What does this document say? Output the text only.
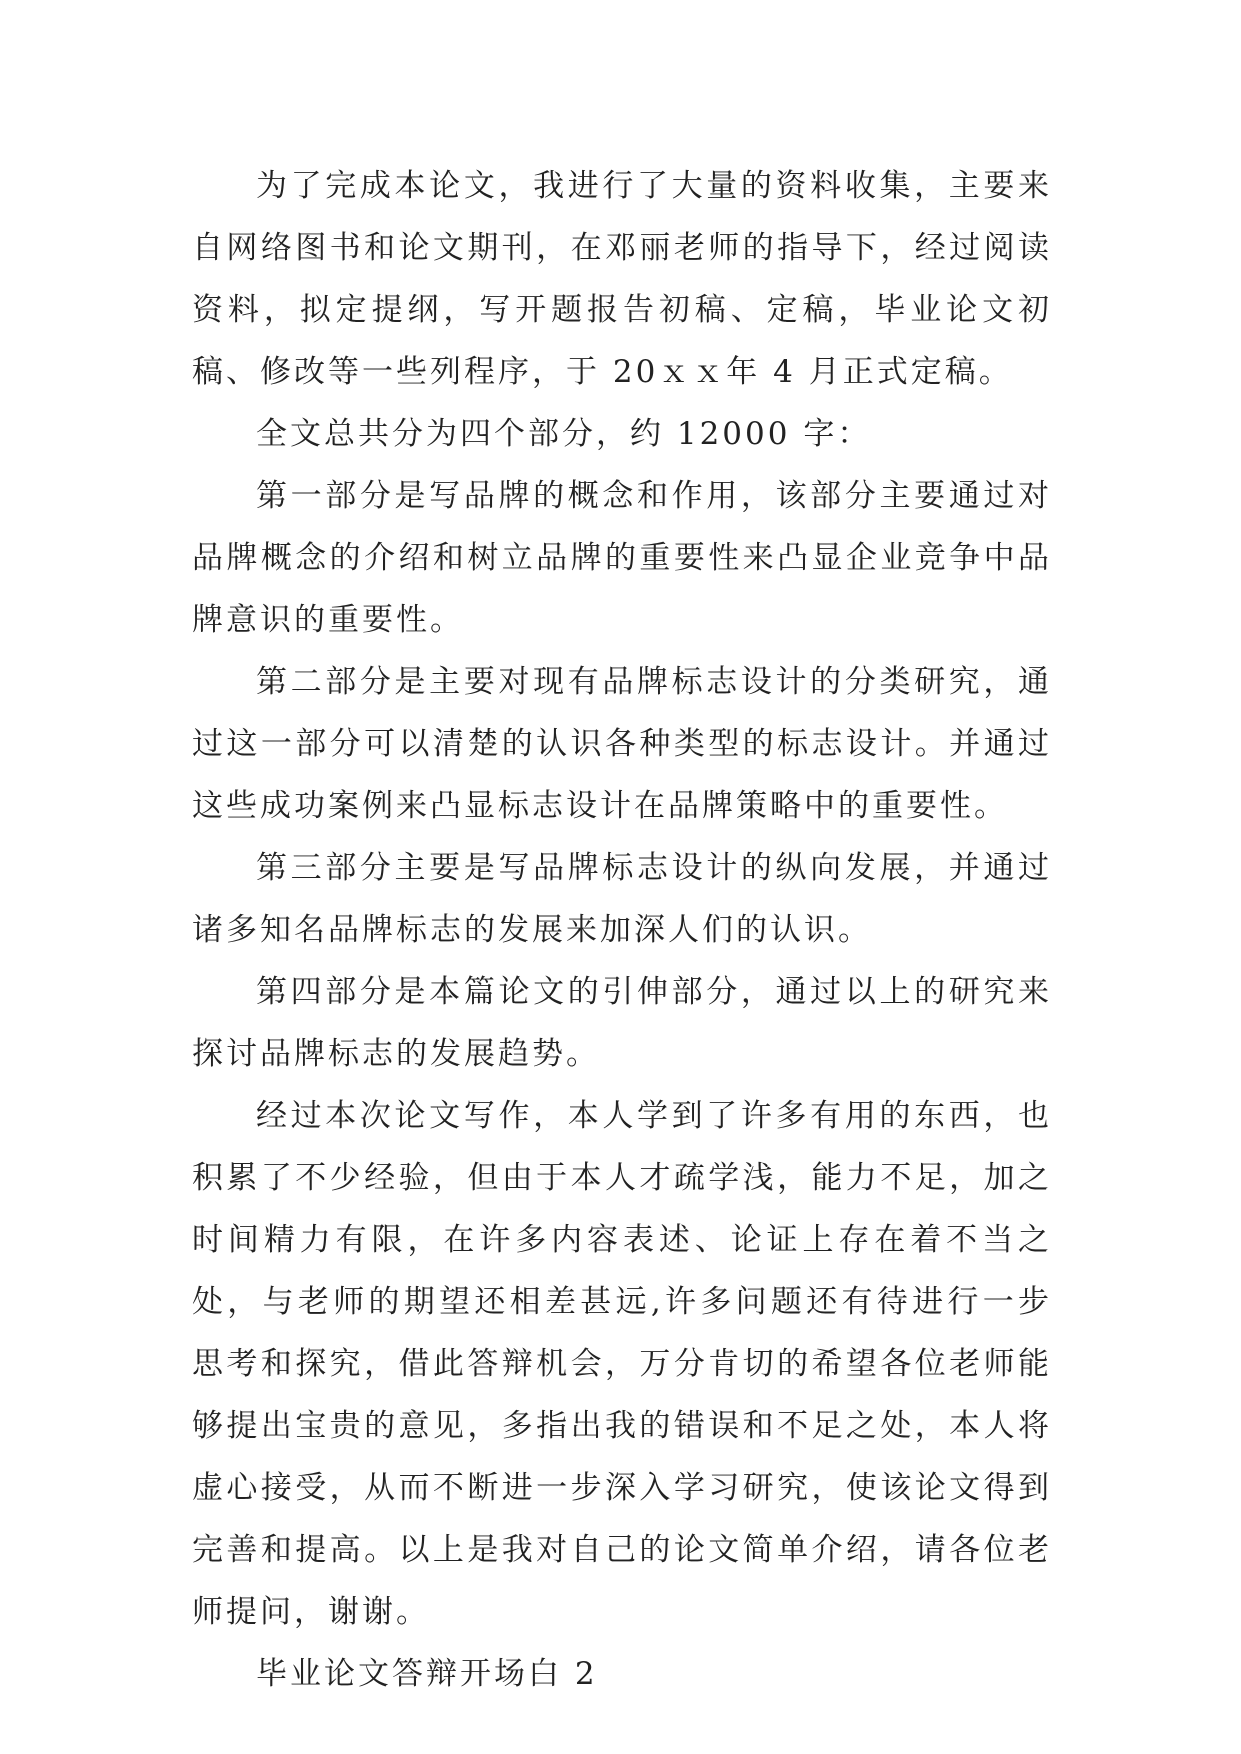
为了完成本论文，我进行了大量的资料收集，主要来自网络图书和论文期刊，在邓丽老师的指导下，经过阅读资料，拟定提纲，写开题报告初稿、定稿，毕业论文初稿、修改等一些列程序，于 20ｘｘ年 4 月正式定稿。

全文总共分为四个部分，约 12000 字：

第一部分是写品牌的概念和作用，该部分主要通过对品牌概念的介绍和树立品牌的重要性来凸显企业竞争中品牌意识的重要性。

第二部分是主要对现有品牌标志设计的分类研究，通过这一部分可以清楚的认识各种类型的标志设计。并通过这些成功案例来凸显标志设计在品牌策略中的重要性。

第三部分主要是写品牌标志设计的纵向发展，并通过诸多知名品牌标志的发展来加深人们的认识。

第四部分是本篇论文的引伸部分，通过以上的研究来探讨品牌标志的发展趋势。

经过本次论文写作，本人学到了许多有用的东西，也积累了不少经验，但由于本人才疏学浅，能力不足，加之时间精力有限，在许多内容表述、论证上存在着不当之处，与老师的期望还相差甚远,许多问题还有待进行一步思考和探究，借此答辩机会，万分肯切的希望各位老师能够提出宝贵的意见，多指出我的错误和不足之处，本人将虚心接受，从而不断进一步深入学习研究，使该论文得到完善和提高。以上是我对自己的论文简单介绍，请各位老师提问，谢谢。

毕业论文答辩开场白 2
